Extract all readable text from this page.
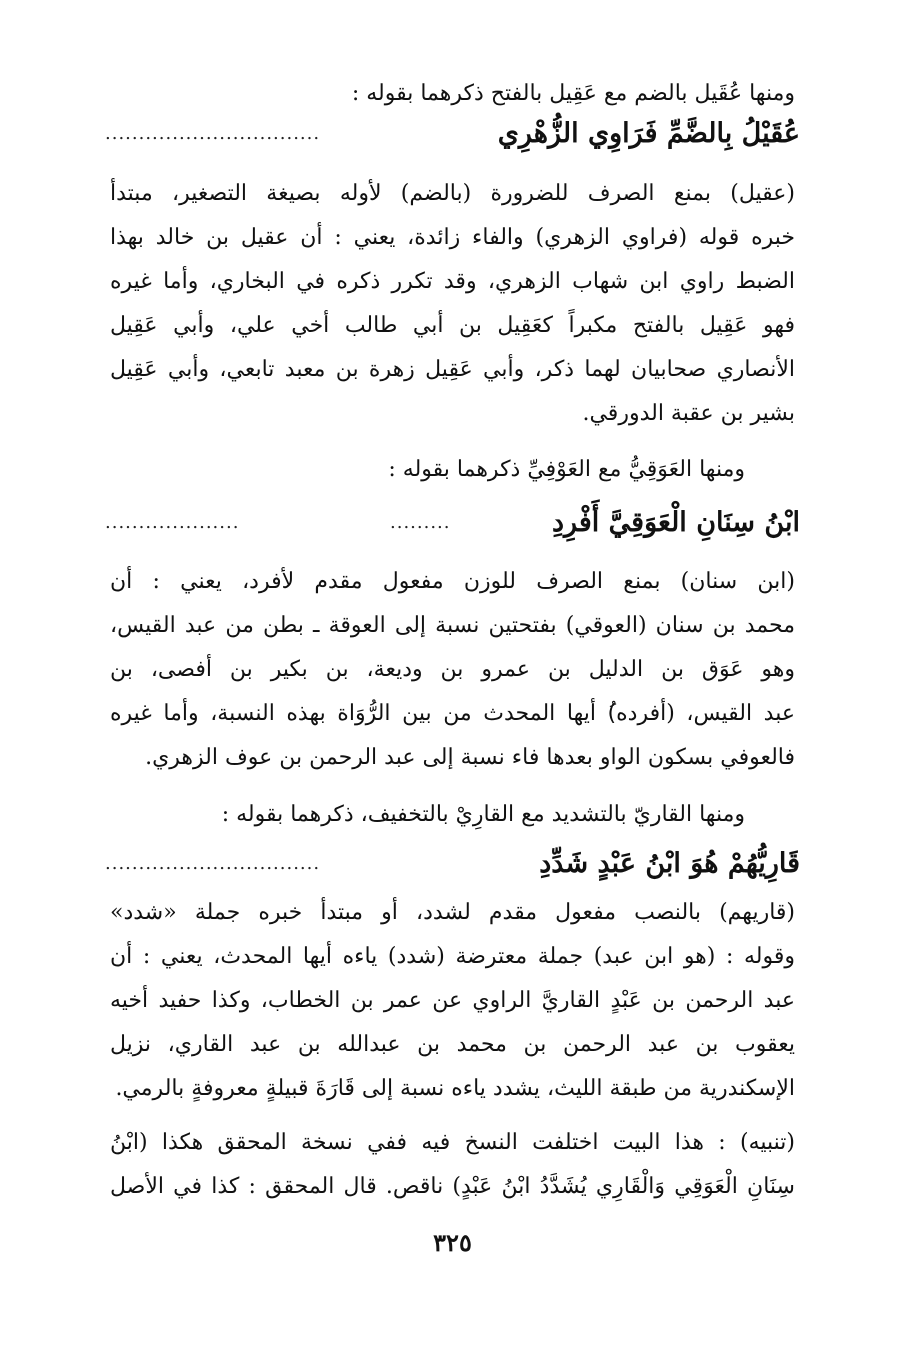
ومنها عُقَيل بالضم مع عَقِيل بالفتح ذكرهما بقوله :
عُقَيْلُ بِالضَّمِّ فَرَاوِي الزُّهْرِي
................................
(عقيل) بمنع الصرف للضرورة (بالضم) لأوله بصيغة التصغير، مبتدأ
خبره قوله (فراوي الزهري) والفاء زائدة، يعني : أن عقيل بن خالد بهذا
الضبط راوي ابن شهاب الزهري، وقد تكرر ذكره في البخاري، وأما غيره
فهو عَقِيل بالفتح مكبراً كعَقِيل بن أبي طالب أخي علي، وأبي عَقِيل
الأنصاري صحابيان لهما ذكر، وأبي عَقِيل زهرة بن معبد تابعي، وأبي عَقِيل
بشير بن عقبة الدورقي.
ومنها العَوَقِيُّ مع العَوْفِيِّ ذكرهما بقوله :
ابْنُ سِنَانِ الْعَوَقِيَّ أَفْرِدِ
.........
....................
(ابن سنان) بمنع الصرف للوزن مفعول مقدم لأفرد، يعني : أن
محمد بن سنان (العوقي) بفتحتين نسبة إلى العوقة ـ بطن من عبد القيس،
وهو عَوَق بن الدليل بن عمرو بن وديعة، بن بكير بن أفصى، بن
عبد القيس، (أفرده)ُ أيها المحدث من بين الرُّوَاة بهذه النسبة، وأما غيره
فالعوفي بسكون الواو بعدها فاء نسبة إلى عبد الرحمن بن عوف الزهري.
ومنها القاريّ بالتشديد مع القارِيْ بالتخفيف، ذكرهما بقوله :
قَارِيُّهُمْ هُوَ ابْنُ عَبْدٍ شَدِّدِ
................................
(قاريهم) بالنصب مفعول مقدم لشدد، أو مبتدأ خبره جملة «شدد»
وقوله : (هو ابن عبد) جملة معترضة (شدد) ياءه أيها المحدث، يعني : أن
عبد الرحمن بن عَبْدٍ القاريَّ الراوي عن عمر بن الخطاب، وكذا حفيد أخيه
يعقوب بن عبد الرحمن بن محمد بن عبدالله بن عبد القاري، نزيل
الإسكندرية من طبقة الليث، يشدد ياءه نسبة إلى قَارَةَ قبيلةٍ معروفةٍ بالرمي.
(تنبيه) : هذا البيت اختلفت النسخ فيه ففي نسخة المحقق هكذا (ابْنُ
سِنَانِ الْعَوَقِي وَالْقَارِي يُشَدَّدُ ابْنُ عَبْدٍ) ناقص. قال المحقق : كذا في الأصل
٣٢٥
